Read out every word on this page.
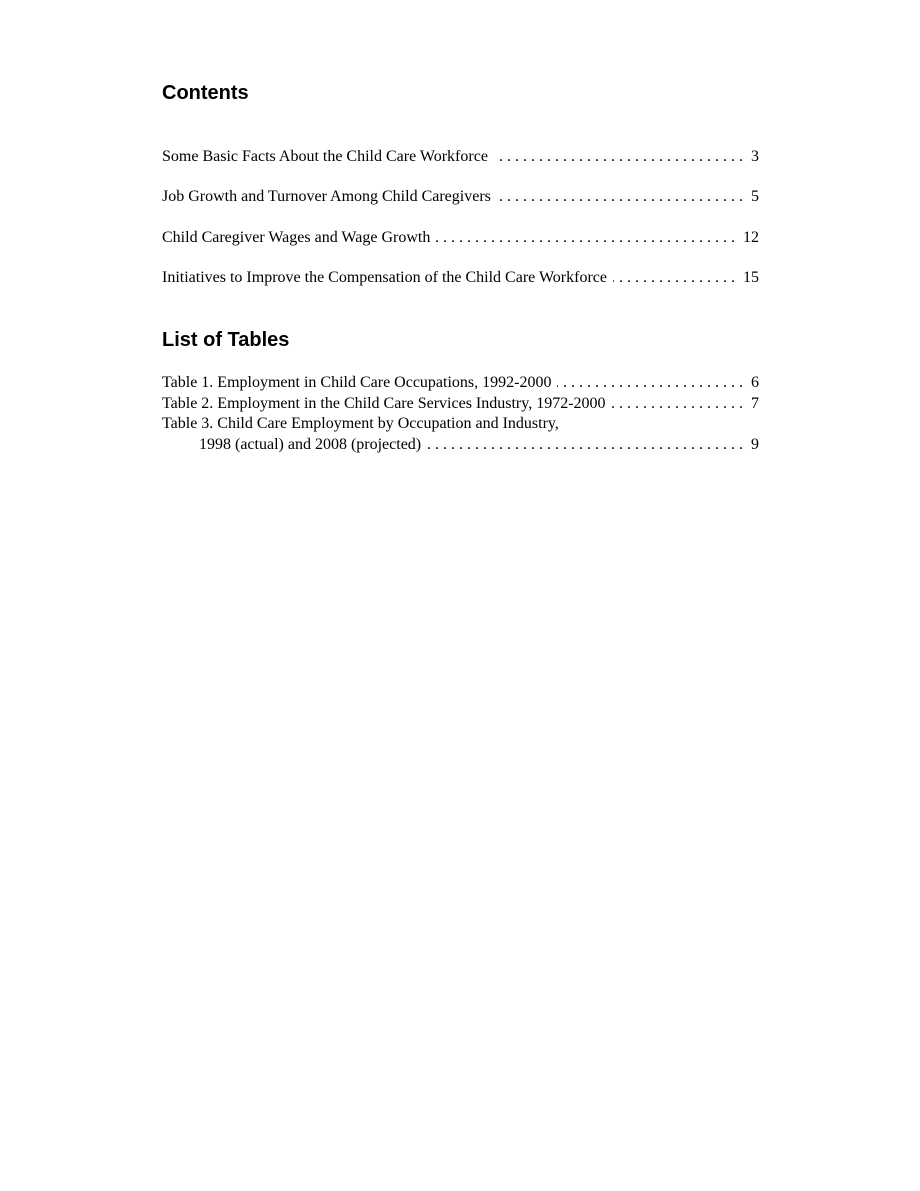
Contents
Some Basic Facts About the Child Care Workforce . . .	3
Job Growth and Turnover Among Child Caregivers . . .	5
Child Caregiver Wages and Wage Growth . . .	12
Initiatives to Improve the Compensation of the Child Care Workforce . . .	15
List of Tables
Table 1. Employment in Child Care Occupations, 1992-2000 . . .	6
Table 2. Employment in the Child Care Services Industry, 1972-2000 . . .	7
Table 3. Child Care Employment by Occupation and Industry,
1998 (actual) and 2008 (projected) . . .	9
